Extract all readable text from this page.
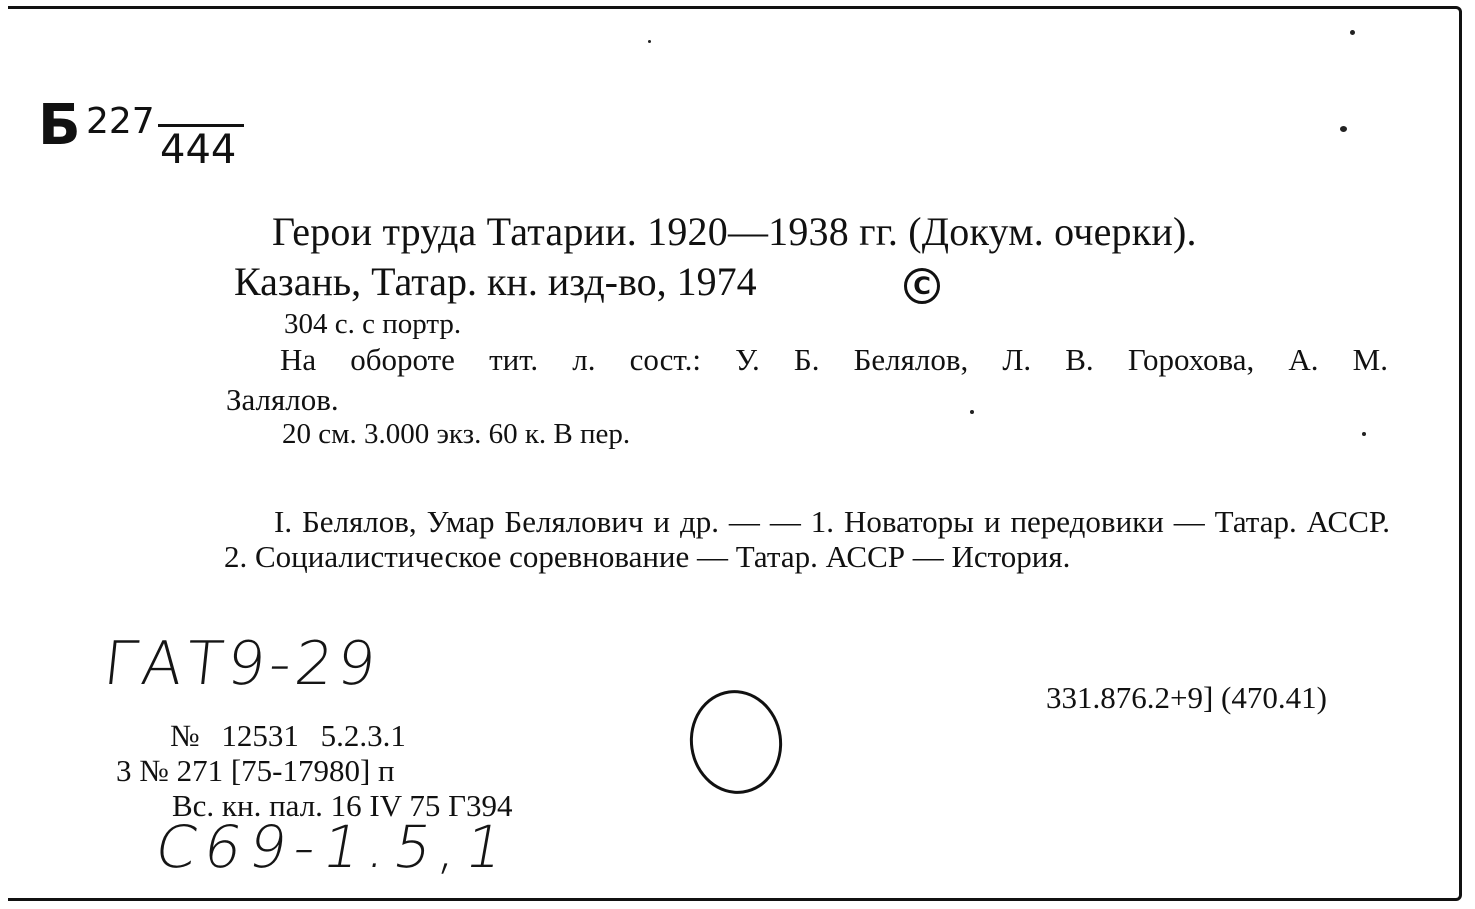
Б 227
444
Герои труда Татарии. 1920—1938 гг. (Докум. очерки).
Казань, Татар. кн. изд-во, 1974	C
304 с. с портр.
На обороте тит. л. сост.: У. Б. Белялов, Л. В. Горохова, А. М.
Залялов.
20 см. 3.000 экз. 60 к. В пер.
I. Белялов, Умар Белялович и др. — — 1. Новаторы и передовики — Татар. АССР. 2. Социалистическое соревнование — Татар. АССР — История.
ГАТ9-29	331.876.2+9] (470.41)
№ 12531 5.2.3.1
3 № 271 [75-17980] п
Вс. кн. пал. 16 IV 75 Г394
С69-1.5,1
